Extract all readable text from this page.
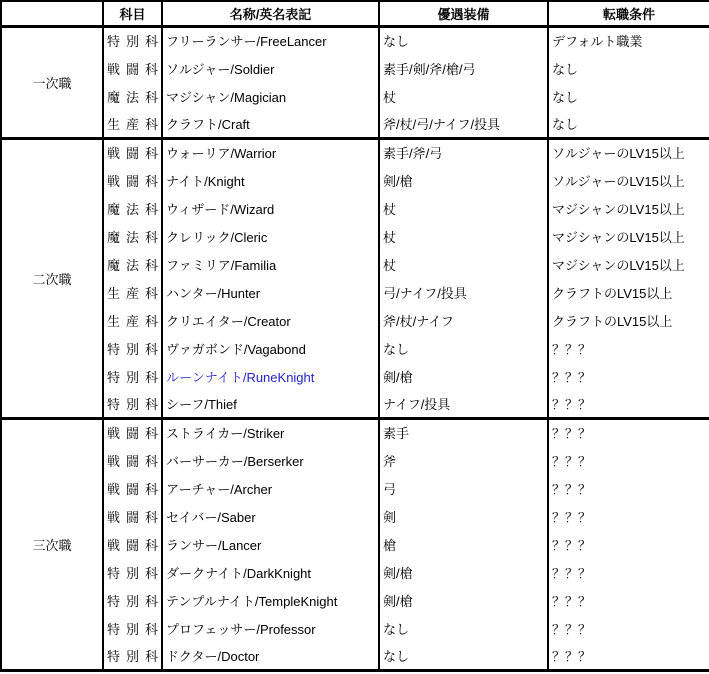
	科目	名称/英名表記	優遇装備	転職条件
一次職	特別科	フリーランサー/FreeLancer	なし	デフォルト職業
	戦闘科	ソルジャー/Soldier	素手/剣/斧/槍/弓	なし
	魔法科	マジシャン/Magician	杖	なし
	生産科	クラフト/Craft	斧/杖/弓/ナイフ/投具	なし
二次職	戦闘科	ウォーリア/Warrior	素手/斧/弓	ソルジャーのLV15以上
	戦闘科	ナイト/Knight	剣/槍	ソルジャーのLV15以上
	魔法科	ウィザード/Wizard	杖	マジシャンのLV15以上
	魔法科	クレリック/Cleric	杖	マジシャンのLV15以上
	魔法科	ファミリア/Familia	杖	マジシャンのLV15以上
	生産科	ハンター/Hunter	弓/ナイフ/投具	クラフトのLV15以上
	生産科	クリエイター/Creator	斧/杖/ナイフ	クラフトのLV15以上
	特別科	ヴァガボンド/Vagabond	なし	？？？
	特別科	ルーンナイト/RuneKnight	剣/槍	？？？
	特別科	シーフ/Thief	ナイフ/投具	？？？
三次職	戦闘科	ストライカー/Striker	素手	？？？
	戦闘科	バーサーカー/Berserker	斧	？？？
	戦闘科	アーチャー/Archer	弓	？？？
	戦闘科	セイバー/Saber	剣	？？？
	戦闘科	ランサー/Lancer	槍	？？？
	特別科	ダークナイト/DarkKnight	剣/槍	？？？
	特別科	テンプルナイト/TempleKnight	剣/槍	？？？
	特別科	プロフェッサー/Professor	なし	？？？
	特別科	ドクター/Doctor	なし	？？？
